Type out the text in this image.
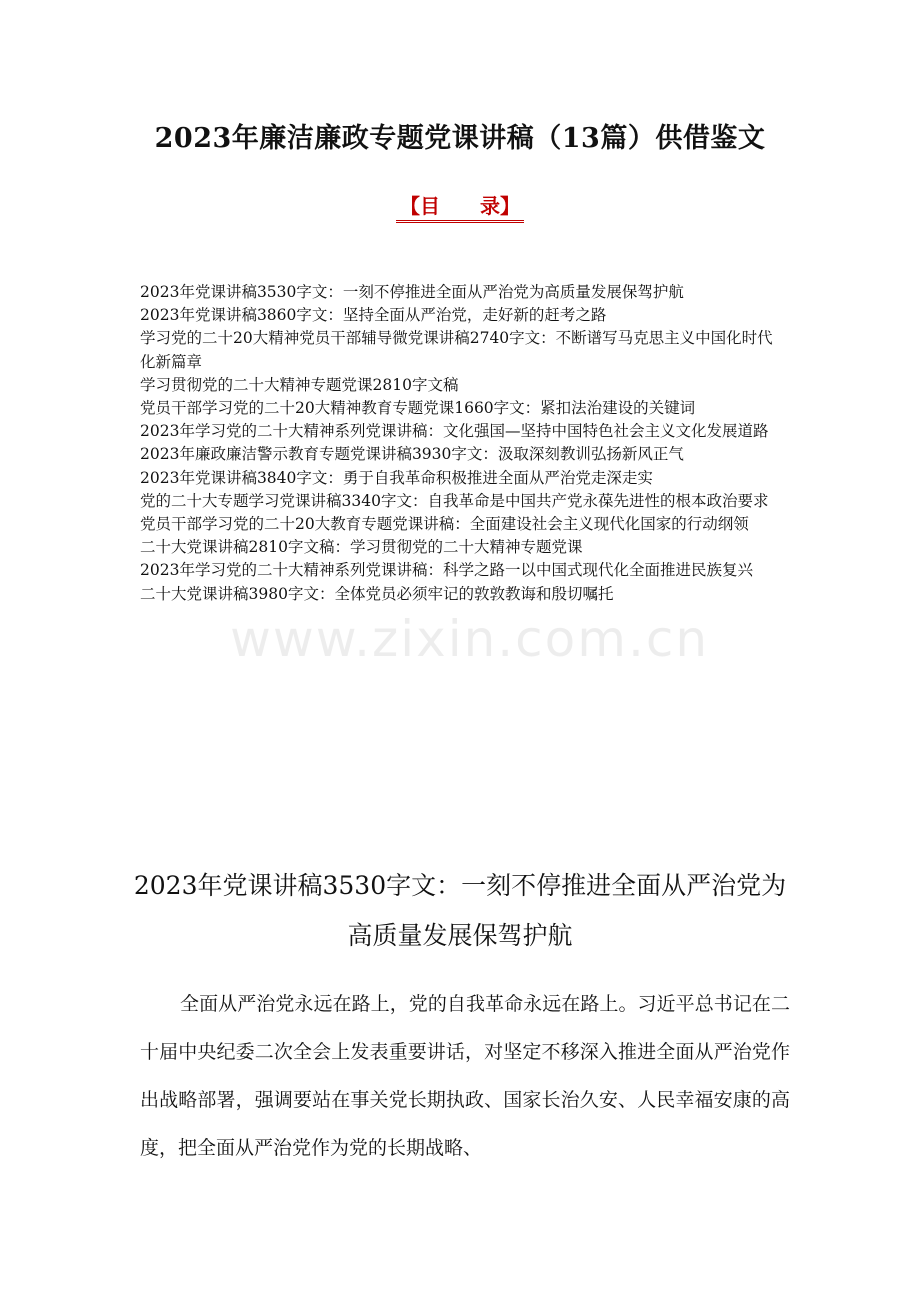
2023年廉洁廉政专题党课讲稿（13篇）供借鉴文
【目　　录】
2023年党课讲稿3530字文：一刻不停推进全面从严治党为高质量发展保驾护航
2023年党课讲稿3860字文：坚持全面从严治党，走好新的赶考之路
学习党的二十20大精神党员干部辅导微党课讲稿2740字文：不断谱写马克思主义中国化时代化新篇章
学习贯彻党的二十大精神专题党课2810字文稿
党员干部学习党的二十20大精神教育专题党课1660字文：紧扣法治建设的关键词
2023年学习党的二十大精神系列党课讲稿：文化强国—坚持中国特色社会主义文化发展道路
2023年廉政廉洁警示教育专题党课讲稿3930字文：汲取深刻教训弘扬新风正气
2023年党课讲稿3840字文：勇于自我革命积极推进全面从严治党走深走实
党的二十大专题学习党课讲稿3340字文：自我革命是中国共产党永葆先进性的根本政治要求
党员干部学习党的二十20大教育专题党课讲稿：全面建设社会主义现代化国家的行动纲领
二十大党课讲稿2810字文稿：学习贯彻党的二十大精神专题党课
2023年学习党的二十大精神系列党课讲稿：科学之路一以中国式现代化全面推进民族复兴
二十大党课讲稿3980字文：全体党员必须牢记的敦敦教诲和殷切嘱托
www.zixin.com.cn
2023年党课讲稿3530字文：一刻不停推进全面从严治党为高质量发展保驾护航

全面从严治党永远在路上，党的自我革命永远在路上。习近平总书记在二十届中央纪委二次全会上发表重要讲话，对坚定不移深入推进全面从严治党作出战略部署，强调要站在事关党长期执政、国家长治久安、人民幸福安康的高度，把全面从严治党作为党的长期战略、
